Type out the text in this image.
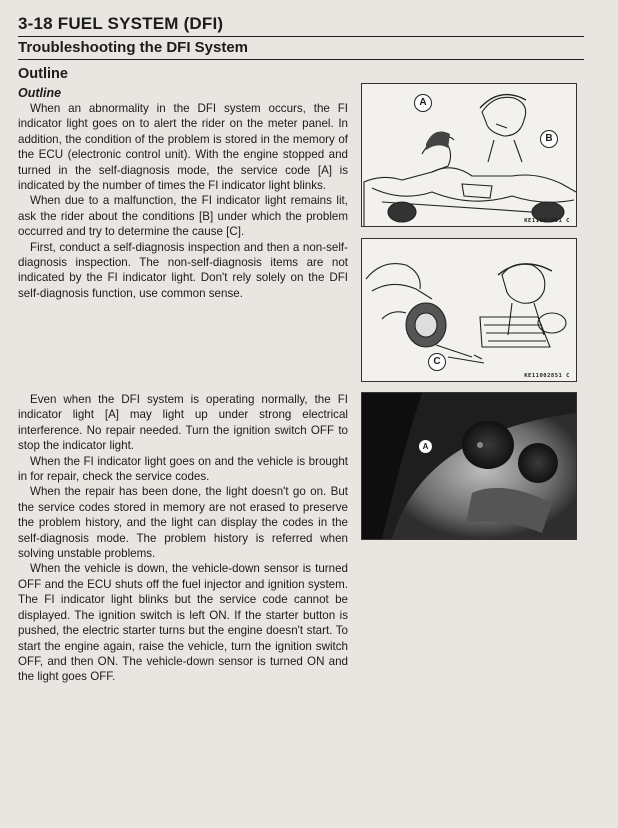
3-18 FUEL SYSTEM (DFI)
Troubleshooting the DFI System
Outline
Outline

When an abnormality in the DFI system occurs, the FI indicator light goes on to alert the rider on the meter panel. In addition, the condition of the problem is stored in the memory of the ECU (electronic control unit). With the engine stopped and turned in the self-diagnosis mode, the service code [A] is indicated by the number of times the FI indicator light blinks.

When due to a malfunction, the FI indicator light remains lit, ask the rider about the conditions [B] under which the problem occurred and try to determine the cause [C].

First, conduct a self-diagnosis inspection and then a non-self-diagnosis inspection. The non-self-diagnosis items are not indicated by the FI indicator light. Don't rely solely on the DFI self-diagnosis function, use common sense.

Even when the DFI system is operating normally, the FI indicator light [A] may light up under strong electrical interference. No repair needed. Turn the ignition switch OFF to stop the indicator light.

When the FI indicator light goes on and the vehicle is brought in for repair, check the service codes.

When the repair has been done, the light doesn't go on. But the service codes stored in memory are not erased to preserve the problem history, and the light can display the codes in the self-diagnosis mode. The problem history is referred when solving unstable problems.

When the vehicle is down, the vehicle-down sensor is turned OFF and the ECU shuts off the fuel injector and ignition system. The FI indicator light blinks but the service code cannot be displayed. The ignition switch is left ON. If the starter button is pushed, the electric starter turns but the engine doesn't start. To start the engine again, raise the vehicle, turn the ignition switch OFF, and then ON. The vehicle-down sensor is turned ON and the light goes OFF.

A
B
KE11001851 C
C
KE11002851 C
A
